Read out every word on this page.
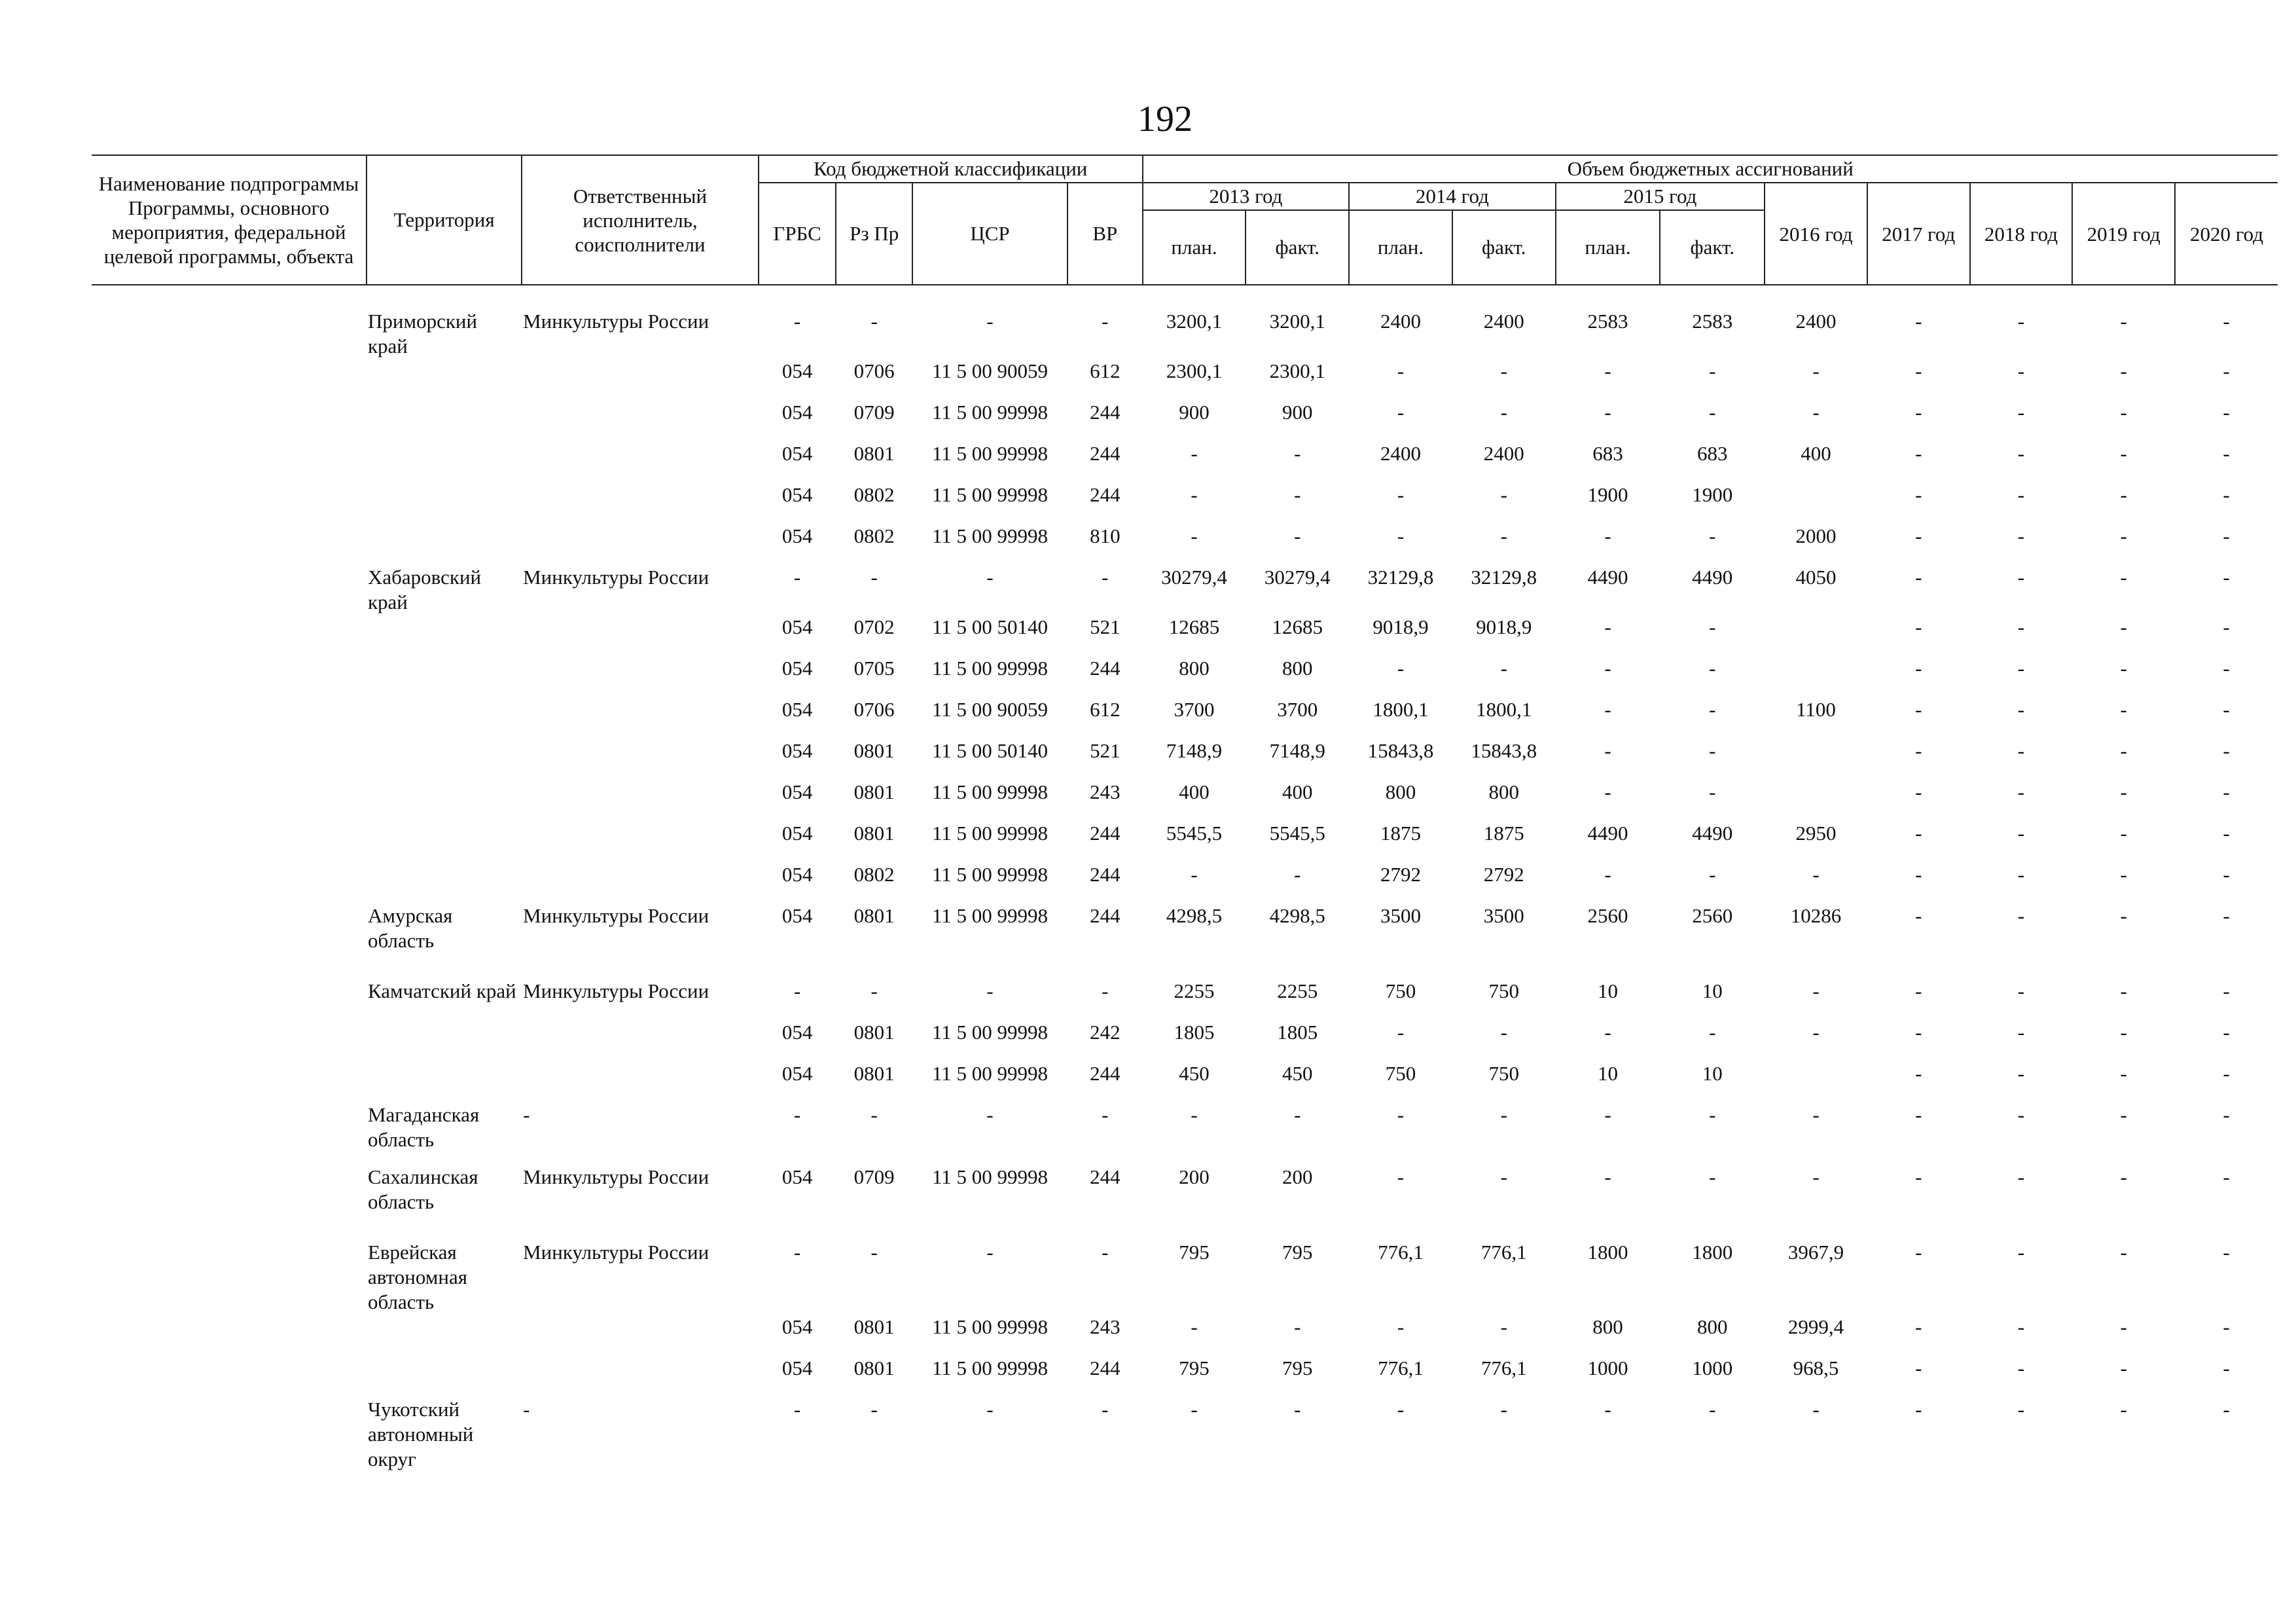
192
Наименование подпрограммы Программы, основного мероприятия, федеральной целевой программы, объекта	Территория	Ответственный исполнитель, соисполнители	Код бюджетной классификации				Объем бюджетных ассигнований										
			ГРБС	Рз Пр	ЦСР	ВР	2013 год		2014 год		2015 год		2016 год	2017 год	2018 год	2019 год	2020 год
							план.	факт.	план.	факт.	план.	факт.					
	Приморский край	Минкультуры России	-	-	-	-	3200,1	3200,1	2400	2400	2583	2583	2400	-	-	-	-
			054	0706	11 5 00 90059	612	2300,1	2300,1	-	-	-	-	-	-	-	-	-
			054	0709	11 5 00 99998	244	900	900	-	-	-	-	-	-	-	-	-
			054	0801	11 5 00 99998	244	-	-	2400	2400	683	683	400	-	-	-	-
			054	0802	11 5 00 99998	244	-	-	-	-	1900	1900		-	-	-	-
			054	0802	11 5 00 99998	810	-	-	-	-	-	-	2000	-	-	-	-
	Хабаровский край	Минкультуры России	-	-	-	-	30279,4	30279,4	32129,8	32129,8	4490	4490	4050	-	-	-	-
			054	0702	11 5 00 50140	521	12685	12685	9018,9	9018,9	-	-		-	-	-	-
			054	0705	11 5 00 99998	244	800	800	-	-	-	-		-	-	-	-
			054	0706	11 5 00 90059	612	3700	3700	1800,1	1800,1	-	-	1100	-	-	-	-
			054	0801	11 5 00 50140	521	7148,9	7148,9	15843,8	15843,8	-	-		-	-	-	-
			054	0801	11 5 00 99998	243	400	400	800	800	-	-		-	-	-	-
			054	0801	11 5 00 99998	244	5545,5	5545,5	1875	1875	4490	4490	2950	-	-	-	-
			054	0802	11 5 00 99998	244	-	-	2792	2792	-	-	-	-	-	-	-
	Амурская область	Минкультуры России	054	0801	11 5 00 99998	244	4298,5	4298,5	3500	3500	2560	2560	10286	-	-	-	-
	Камчатский край	Минкультуры России	-	-	-	-	2255	2255	750	750	10	10	-	-	-	-	-
			054	0801	11 5 00 99998	242	1805	1805	-	-	-	-	-	-	-	-	-
			054	0801	11 5 00 99998	244	450	450	750	750	10	10		-	-	-	-
	Магаданская область	-	-	-	-	-	-	-	-	-	-	-	-	-	-	-	-
	Сахалинская область	Минкультуры России	054	0709	11 5 00 99998	244	200	200	-	-	-	-	-	-	-	-	-
	Еврейская автономная область	Минкультуры России	-	-	-	-	795	795	776,1	776,1	1800	1800	3967,9	-	-	-	-
			054	0801	11 5 00 99998	243	-	-	-	-	800	800	2999,4	-	-	-	-
			054	0801	11 5 00 99998	244	795	795	776,1	776,1	1000	1000	968,5	-	-	-	-
	Чукотский автономный округ	-	-	-	-	-	-	-	-	-	-	-	-	-	-	-	-
